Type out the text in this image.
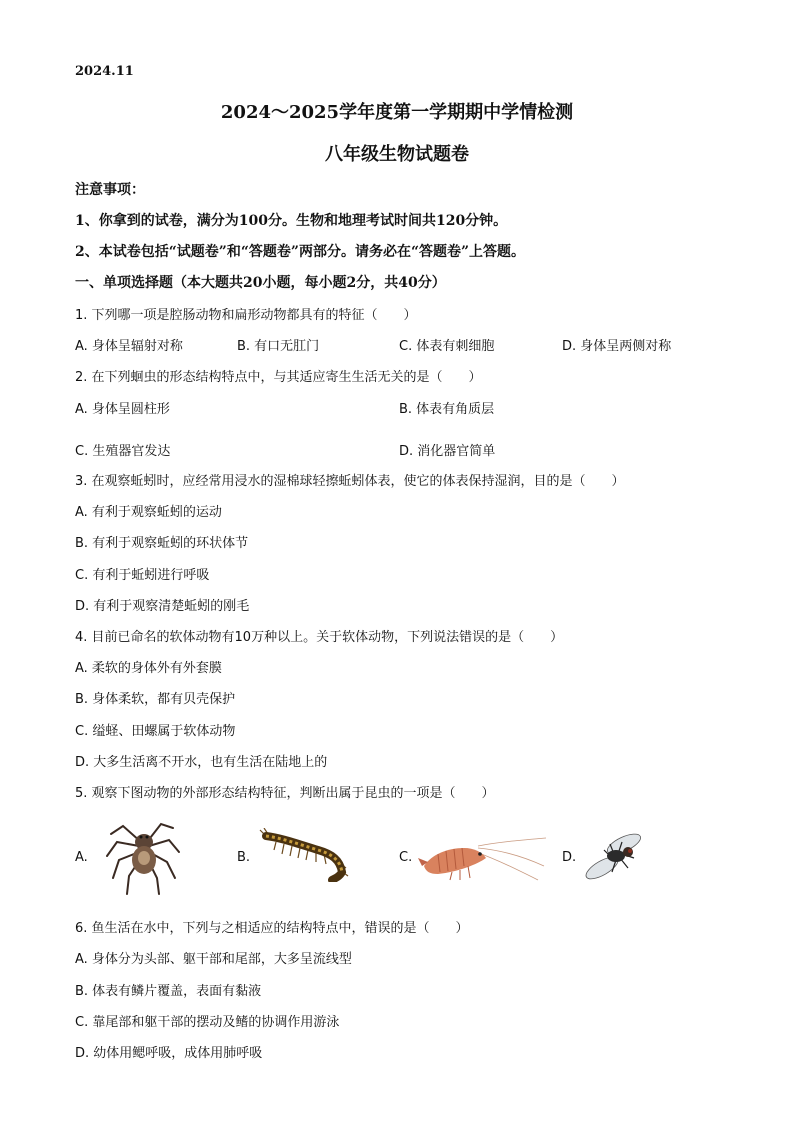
2024.11
2024～2025学年度第一学期期中学情检测
八年级生物试题卷
注意事项：
1、你拿到的试卷，满分为100分。生物和地理考试时间共120分钟。
2、本试卷包括“试题卷”和“答题卷”两部分。请务必在“答题卷”上答题。
一、单项选择题（本大题共20小题，每小题2分，共40分）
1. 下列哪一项是腔肠动物和扁形动物都具有的特征（　　）
A. 身体呈辐射对称	B. 有口无肛门	C. 体表有刺细胞	D. 身体呈两侧对称
2. 在下列蛔虫的形态结构特点中，与其适应寄生生活无关的是（　　）
A. 身体呈圆柱形	B. 体表有角质层
C. 生殖器官发达	D. 消化器官简单
3. 在观察蚯蚓时，应经常用浸水的湿棉球轻擦蚯蚓体表，使它的体表保持湿润，目的是（　　）
A. 有利于观察蚯蚓的运动
B. 有利于观察蚯蚓的环状体节
C. 有利于蚯蚓进行呼吸
D. 有利于观察清楚蚯蚓的刚毛
4. 目前已命名的软体动物有10万种以上。关于软体动物，下列说法错误的是（　　）
A. 柔软的身体外有外套膜
B. 身体柔软，都有贝壳保护
C. 缢蛏、田螺属于软体动物
D. 大多生活离不开水，也有生活在陆地上的
5. 观察下图动物的外部形态结构特征，判断出属于昆虫的一项是（　　）
A.	B.	C.	D.
6. 鱼生活在水中，下列与之相适应的结构特点中，错误的是（　　）
A. 身体分为头部、躯干部和尾部，大多呈流线型
B. 体表有鳞片覆盖，表面有黏液
C. 靠尾部和躯干部的摆动及鳍的协调作用游泳
D. 幼体用鳃呼吸，成体用肺呼吸
